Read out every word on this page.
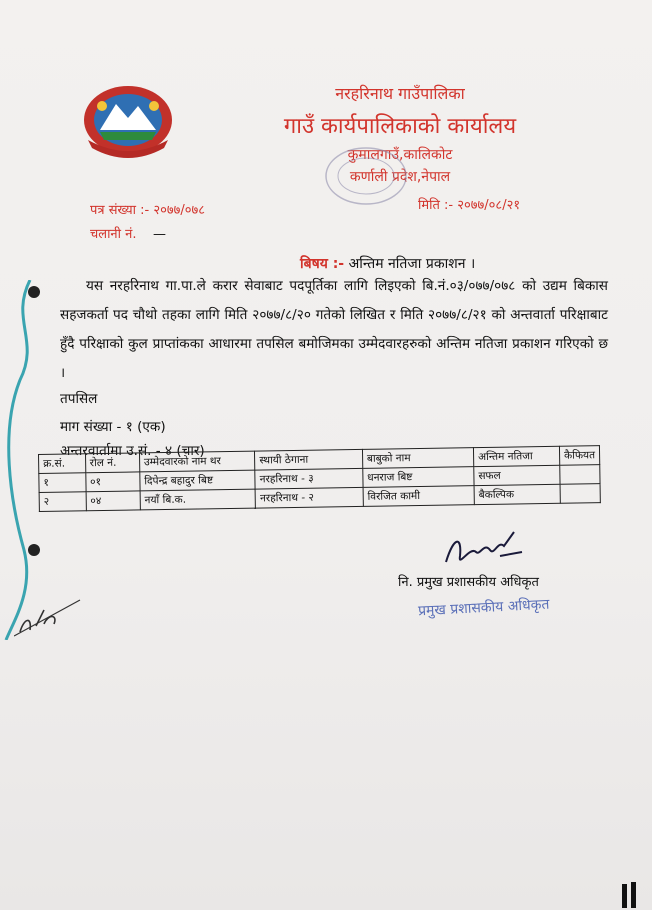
नरहरिनाथ गाउँपालिका
गाउँ कार्यपालिकाको कार्यालय
कुमालगाउँ,कालिकोट
कर्णाली प्रदेश,नेपाल
पत्र संख्या :- २०७७/०७८	मिति :- २०७७/०८/२१
चलानी नं. —
बिषय :- अन्तिम नतिजा प्रकाशन ।
यस नरहरिनाथ गा.पा.ले करार सेवाबाट पदपूर्तिका लागि लिइएको बि.नं.०३/०७७/०७८ को उद्यम बिकास सहजकर्ता पद चौथो तहका लागि मिति २०७७/८/२० गतेको लिखित र मिति २०७७/८/२१ को अन्तवार्ता परिक्षाबाट हुँदै परिक्षाको कुल प्राप्तांकका आधारमा तपसिल बमोजिमका उम्मेदवारहरुको अन्तिम नतिजा प्रकाशन गरिएको छ ।
तपसिल
माग संख्या - १ (एक)
अन्तरवार्तामा उ.सं. - ४ (चार)
क्र.सं.	रोल नं.	उम्मेदवारको नाम थर	स्थायी ठेगाना	बाबुको नाम	अन्तिम नतिजा	कैफियत
१	०१	दिपेन्द्र बहादुर बिष्ट	नरहरिनाथ - ३	धनराज बिष्ट	सफल	
२	०४	नयाँ बि.क.	नरहरिनाथ - २	विरजित कामी	बैकल्पिक	
नि. प्रमुख प्रशासकीय अधिकृत
प्रमुख प्रशासकीय अधिकृत
